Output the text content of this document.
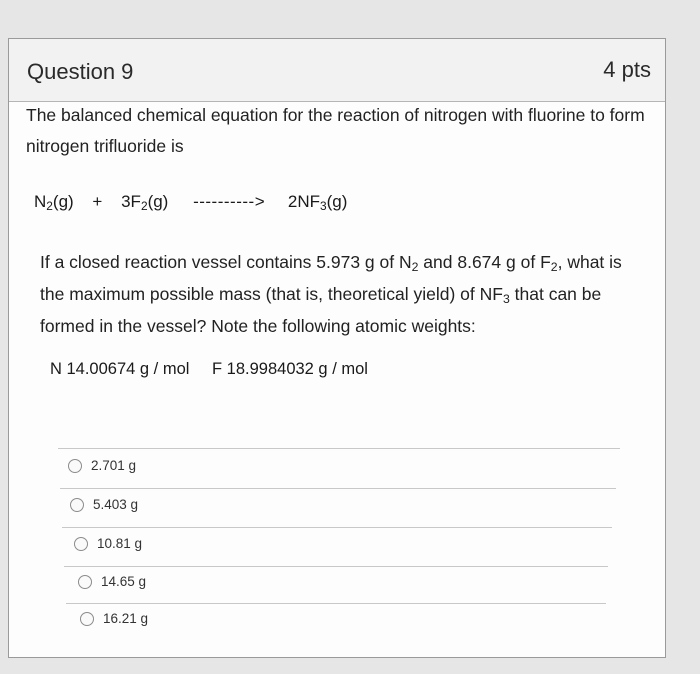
Question 9	4 pts

The balanced chemical equation for the reaction of nitrogen with fluorine to form nitrogen trifluoride is

$N_2(g) + 3F_2(g)$ ----------> $2NF_3(g)$

If a closed reaction vessel contains 5.973 g of $N_2$ and 8.674 g of $F_2$, what is the maximum possible mass (that is, theoretical yield) of $NF_3$ that can be formed in the vessel? Note the following atomic weights:

N 14.00674 g / mol F 18.9984032 g / mol
2.701 g
5.403 g
10.81 g
14.65 g
16.21 g
